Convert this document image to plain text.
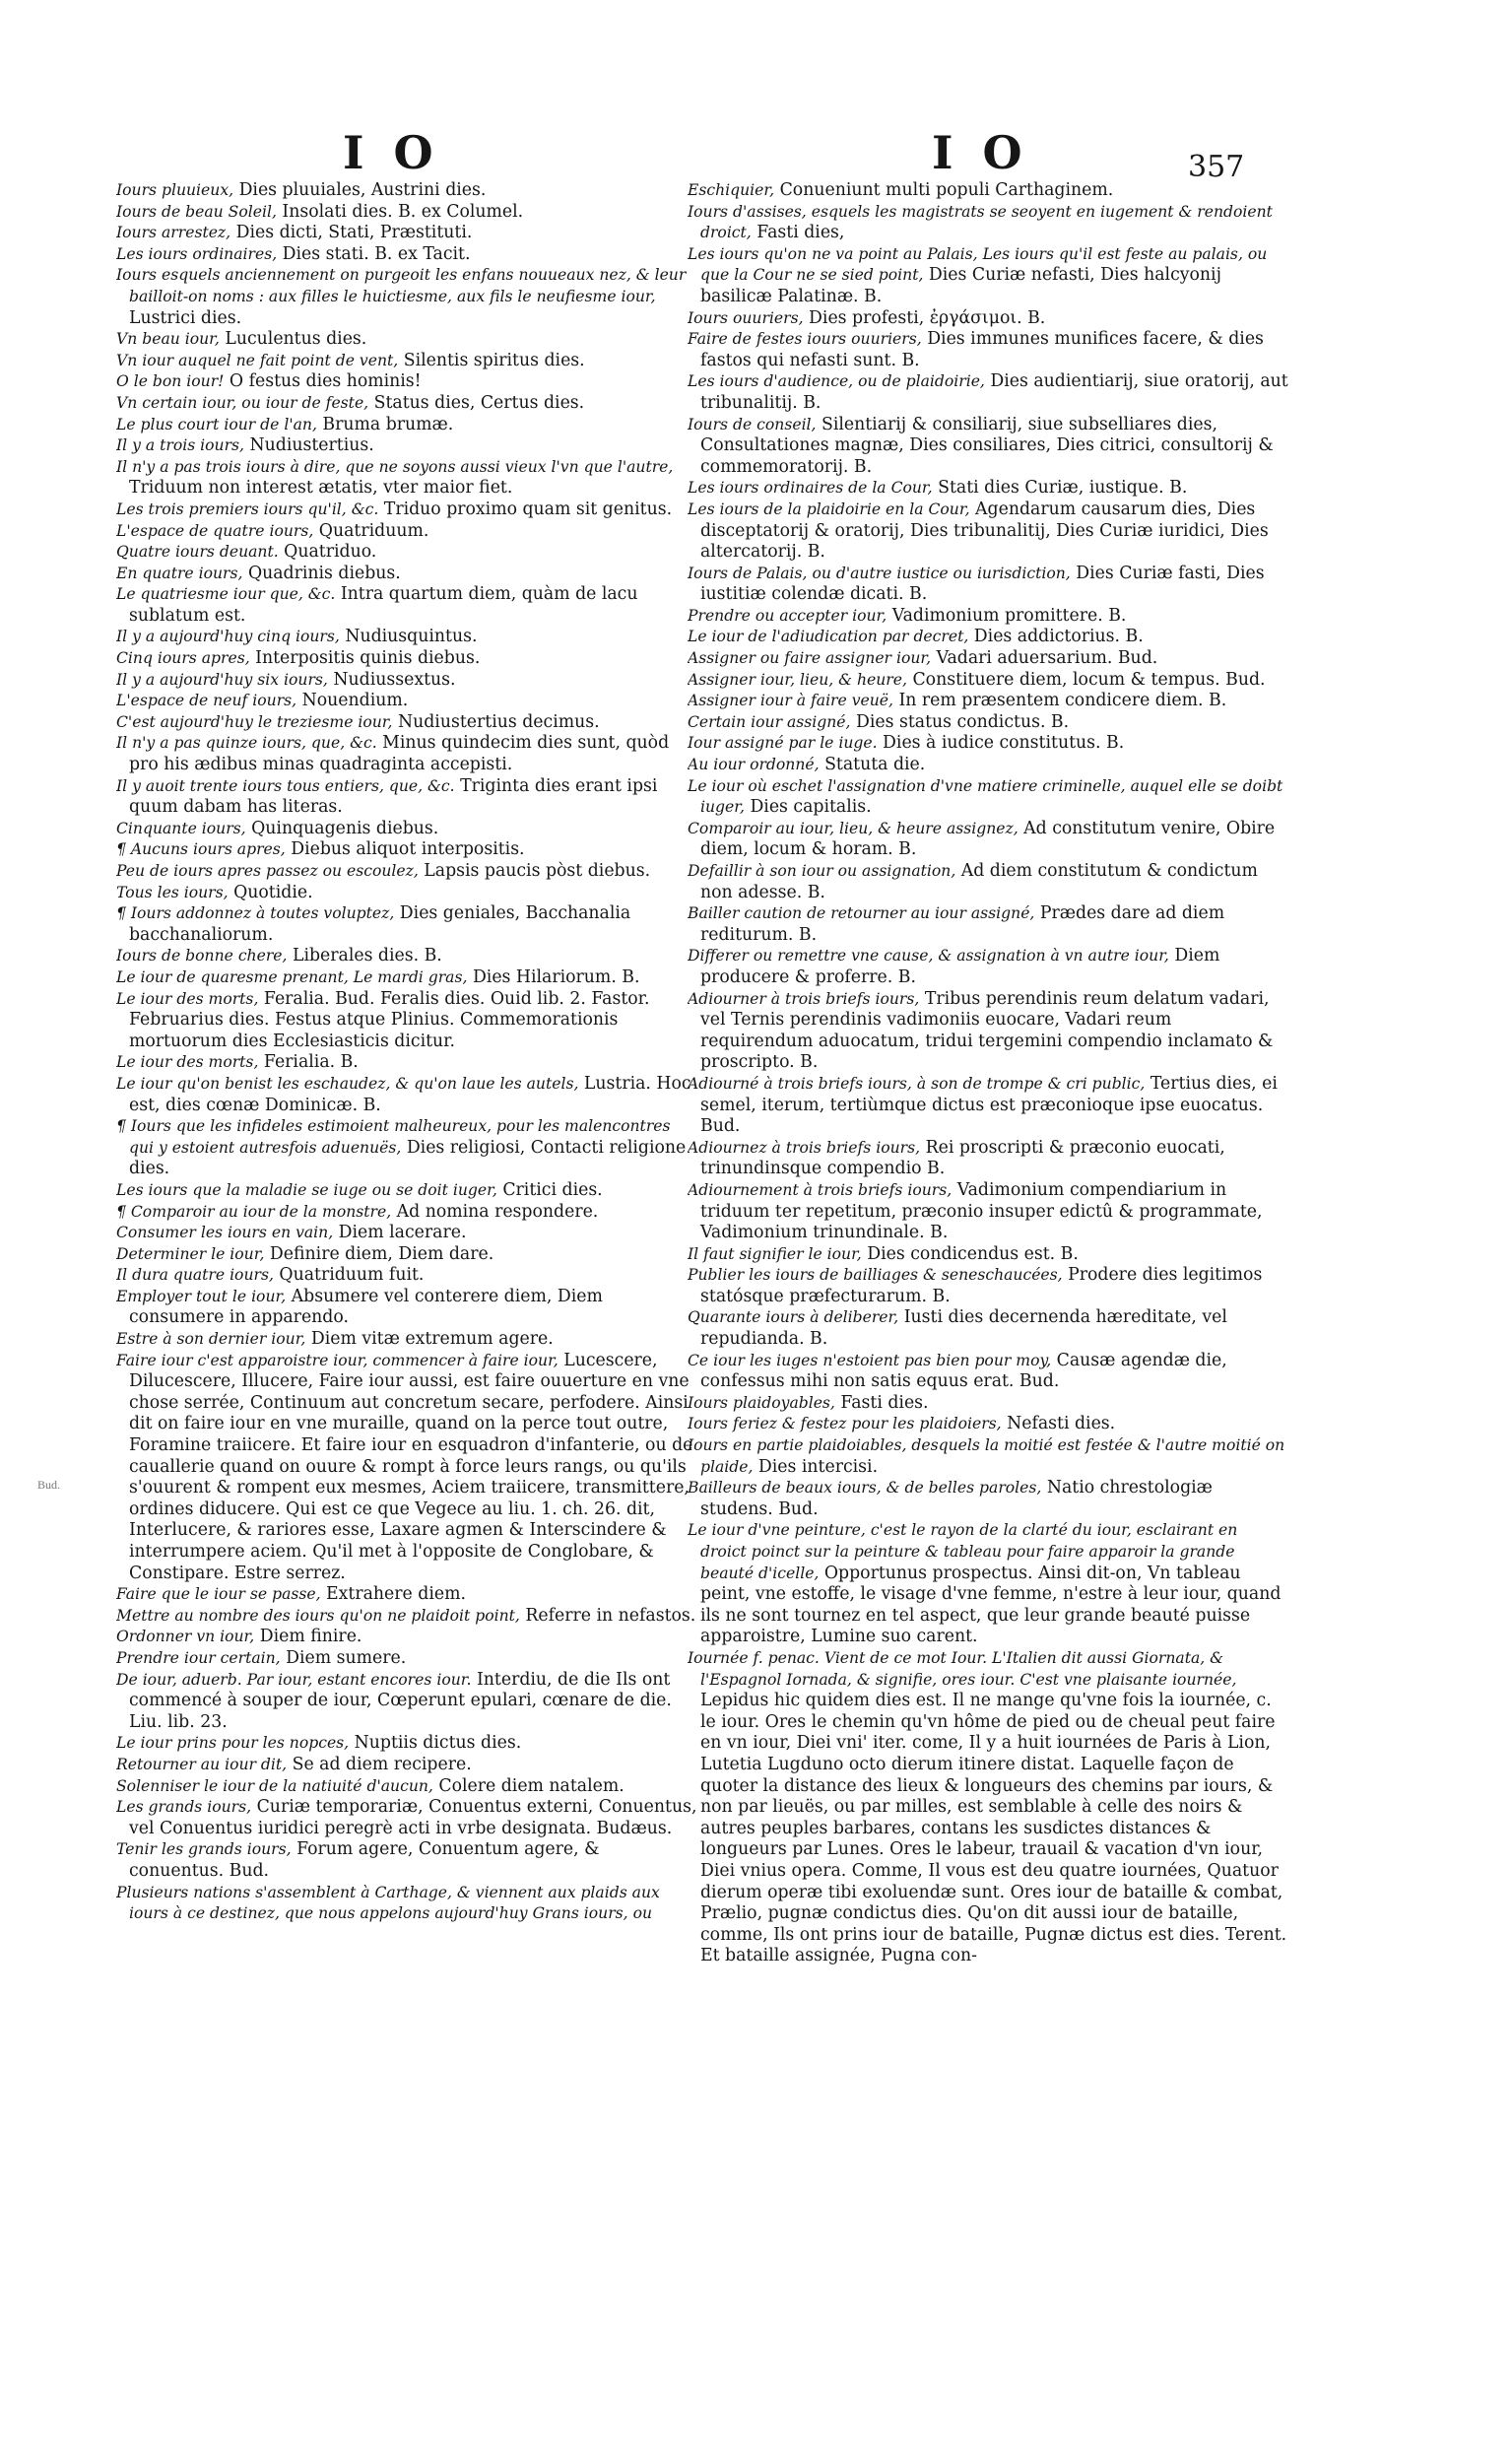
IO	IO	357
Bud.

Iours pluuieux, Dies pluuiales, Austrini dies.

Iours de beau Soleil, Insolati dies. B. ex Columel.

Iours arrestez, Dies dicti, Stati, Præstituti.

Les iours ordinaires, Dies stati. B. ex Tacit.

Iours esquels anciennement on purgeoit les enfans nouueaux nez, & leur bailloit-on noms : aux filles le huictiesme, aux fils le neufiesme iour, Lustrici dies.

Vn beau iour, Luculentus dies.

Vn iour auquel ne fait point de vent, Silentis spiritus dies.

O le bon iour! O festus dies hominis!

Vn certain iour, ou iour de feste, Status dies, Certus dies.

Le plus court iour de l'an, Bruma brumæ.

Il y a trois iours, Nudiustertius.

Il n'y a pas trois iours à dire, que ne soyons aussi vieux l'vn que l'autre, Triduum non interest ætatis, vter maior fiet.

Les trois premiers iours qu'il, &c. Triduo proximo quam sit genitus.

L'espace de quatre iours, Quatriduum.

Quatre iours deuant. Quatriduo.

En quatre iours, Quadrinis diebus.

Le quatriesme iour que, &c. Intra quartum diem, quàm de lacu sublatum est.

Il y a aujourd'huy cinq iours, Nudiusquintus.

Cinq iours apres, Interpositis quinis diebus.

Il y a aujourd'huy six iours, Nudiussextus.

L'espace de neuf iours, Nouendium.

C'est aujourd'huy le treziesme iour, Nudiustertius decimus.

Il n'y a pas quinze iours, que, &c. Minus quindecim dies sunt, quòd pro his ædibus minas quadraginta accepisti.

Il y auoit trente iours tous entiers, que, &c. Triginta dies erant ipsi quum dabam has literas.

Cinquante iours, Quinquagenis diebus.

¶ Aucuns iours apres, Diebus aliquot interpositis.

Peu de iours apres passez ou escoulez, Lapsis paucis pòst diebus.

Tous les iours, Quotidie.

¶ Iours addonnez à toutes voluptez, Dies geniales, Bacchanalia bacchanaliorum.

Iours de bonne chere, Liberales dies. B.

Le iour de quaresme prenant, Le mardi gras, Dies Hilariorum. B.

Le iour des morts, Feralia. Bud. Feralis dies. Ouid lib. 2. Fastor. Februarius dies. Festus atque Plinius. Commemorationis mortuorum dies Ecclesiasticis dicitur.

Le iour des morts, Ferialia. B.

Le iour qu'on benist les eschaudez, & qu'on laue les autels, Lustria. Hoc est, dies cœnæ Dominicæ. B.

¶ Iours que les infideles estimoient malheureux, pour les malencontres qui y estoient autresfois aduenuës, Dies religiosi, Contacti religione dies.

Les iours que la maladie se iuge ou se doit iuger, Critici dies.

¶ Comparoir au iour de la monstre, Ad nomina respondere.

Consumer les iours en vain, Diem lacerare.

Determiner le iour, Definire diem, Diem dare.

Il dura quatre iours, Quatriduum fuit.

Employer tout le iour, Absumere vel conterere diem, Diem consumere in apparendo.

Estre à son dernier iour, Diem vitæ extremum agere.

Faire iour c'est apparoistre iour, commencer à faire iour, Lucescere, Dilucescere, Illucere, Faire iour aussi, est faire ouuerture en vne chose serrée, Continuum aut concretum secare, perfodere. Ainsi dit on faire iour en vne muraille, quand on la perce tout outre, Foramine traiicere. Et faire iour en esquadron d'infanterie, ou de cauallerie quand on ouure & rompt à force leurs rangs, ou qu'ils s'ouurent & rompent eux mesmes, Aciem traiicere, transmittere, ordines diducere. Qui est ce que Vegece au liu. 1. ch. 26. dit, Interlucere, & rariores esse, Laxare agmen & Interscindere & interrumpere aciem. Qu'il met à l'opposite de Conglobare, & Constipare. Estre serrez.

Faire que le iour se passe, Extrahere diem.

Mettre au nombre des iours qu'on ne plaidoit point, Referre in nefastos.

Ordonner vn iour, Diem finire.

Prendre iour certain, Diem sumere.

De iour, aduerb. Par iour, estant encores iour. Interdiu, de die Ils ont commencé à souper de iour, Cœperunt epulari, cœnare de die. Liu. lib. 23.

Le iour prins pour les nopces, Nuptiis dictus dies.

Retourner au iour dit, Se ad diem recipere.

Solenniser le iour de la natiuité d'aucun, Colere diem natalem.

Les grands iours, Curiæ temporariæ, Conuentus externi, Conuentus, vel Conuentus iuridici peregrè acti in vrbe designata. Budæus.

Tenir les grands iours, Forum agere, Conuentum agere, & conuentus. Bud.

Plusieurs nations s'assemblent à Carthage, & viennent aux plaids aux iours à ce destinez, que nous appelons aujourd'huy Grans iours, ou

Eschiquier, Conueniunt multi populi Carthaginem.

Iours d'assises, esquels les magistrats se seoyent en iugement & rendoient droict, Fasti dies,

Les iours qu'on ne va point au Palais, Les iours qu'il est feste au palais, ou que la Cour ne se sied point, Dies Curiæ nefasti, Dies halcyonij basilicæ Palatinæ. B.

Iours ouuriers, Dies profesti, ἐργάσιμοι. B.

Faire de festes iours ouuriers, Dies immunes munifices facere, & dies fastos qui nefasti sunt. B.

Les iours d'audience, ou de plaidoirie, Dies audientiarij, siue oratorij, aut tribunalitij. B.

Iours de conseil, Silentiarij & consiliarij, siue subselliares dies, Consultationes magnæ, Dies consiliares, Dies citrici, consultorij & commemoratorij. B.

Les iours ordinaires de la Cour, Stati dies Curiæ, iustique. B.

Les iours de la plaidoirie en la Cour, Agendarum causarum dies, Dies disceptatorij & oratorij, Dies tribunalitij, Dies Curiæ iuridici, Dies altercatorij. B.

Iours de Palais, ou d'autre iustice ou iurisdiction, Dies Curiæ fasti, Dies iustitiæ colendæ dicati. B.

Prendre ou accepter iour, Vadimonium promittere. B.

Le iour de l'adiudication par decret, Dies addictorius. B.

Assigner ou faire assigner iour, Vadari aduersarium. Bud.

Assigner iour, lieu, & heure, Constituere diem, locum & tempus. Bud.

Assigner iour à faire veuë, In rem præsentem condicere diem. B.

Certain iour assigné, Dies status condictus. B.

Iour assigné par le iuge. Dies à iudice constitutus. B.

Au iour ordonné, Statuta die.

Le iour où eschet l'assignation d'vne matiere criminelle, auquel elle se doibt iuger, Dies capitalis.

Comparoir au iour, lieu, & heure assignez, Ad constitutum venire, Obire diem, locum & horam. B.

Defaillir à son iour ou assignation, Ad diem constitutum & condictum non adesse. B.

Bailler caution de retourner au iour assigné, Prædes dare ad diem rediturum. B.

Differer ou remettre vne cause, & assignation à vn autre iour, Diem producere & proferre. B.

Adiourner à trois briefs iours, Tribus perendinis reum delatum vadari, vel Ternis perendinis vadimoniis euocare, Vadari reum requirendum aduocatum, tridui tergemini compendio inclamato & proscripto. B.

Adiourné à trois briefs iours, à son de trompe & cri public, Tertius dies, ei semel, iterum, tertiùmque dictus est præconioque ipse euocatus. Bud.

Adiournez à trois briefs iours, Rei proscripti & præconio euocati, trinundinsque compendio B.

Adiournement à trois briefs iours, Vadimonium compendiarium in triduum ter repetitum, præconio insuper edictû & programmate, Vadimonium trinundinale. B.

Il faut signifier le iour, Dies condicendus est. B.

Publier les iours de bailliages & seneschaucées, Prodere dies legitimos statósque præfecturarum. B.

Quarante iours à deliberer, Iusti dies decernenda hæreditate, vel repudianda. B.

Ce iour les iuges n'estoient pas bien pour moy, Causæ agendæ die, confessus mihi non satis equus erat. Bud.

Iours plaidoyables, Fasti dies.

Iours feriez & festez pour les plaidoiers, Nefasti dies.

Iours en partie plaidoiables, desquels la moitié est festée & l'autre moitié on plaide, Dies intercisi.

Bailleurs de beaux iours, & de belles paroles, Natio chrestologiæ studens. Bud.

Le iour d'vne peinture, c'est le rayon de la clarté du iour, esclairant en droict poinct sur la peinture & tableau pour faire apparoir la grande beauté d'icelle, Opportunus prospectus. Ainsi dit-on, Vn tableau peint, vne estoffe, le visage d'vne femme, n'estre à leur iour, quand ils ne sont tournez en tel aspect, que leur grande beauté puisse apparoistre, Lumine suo carent.

Iournée f. penac. Vient de ce mot Iour. L'Italien dit aussi Giornata, & l'Espagnol Iornada, & signifie, ores iour. C'est vne plaisante iournée, Lepidus hic quidem dies est. Il ne mange qu'vne fois la iournée, c. le iour. Ores le chemin qu'vn hôme de pied ou de cheual peut faire en vn iour, Diei vni' iter. come, Il y a huit iournées de Paris à Lion, Lutetia Lugduno octo dierum itinere distat. Laquelle façon de quoter la distance des lieux & longueurs des chemins par iours, & non par lieuës, ou par milles, est semblable à celle des noirs & autres peuples barbares, contans les susdictes distances & longueurs par Lunes. Ores le labeur, trauail & vacation d'vn iour, Diei vnius opera. Comme, Il vous est deu quatre iournées, Quatuor dierum operæ tibi exoluendæ sunt. Ores iour de bataille & combat, Prælio, pugnæ condictus dies. Qu'on dit aussi iour de bataille, comme, Ils ont prins iour de bataille, Pugnæ dictus est dies. Terent. Et bataille assignée, Pugna con-
